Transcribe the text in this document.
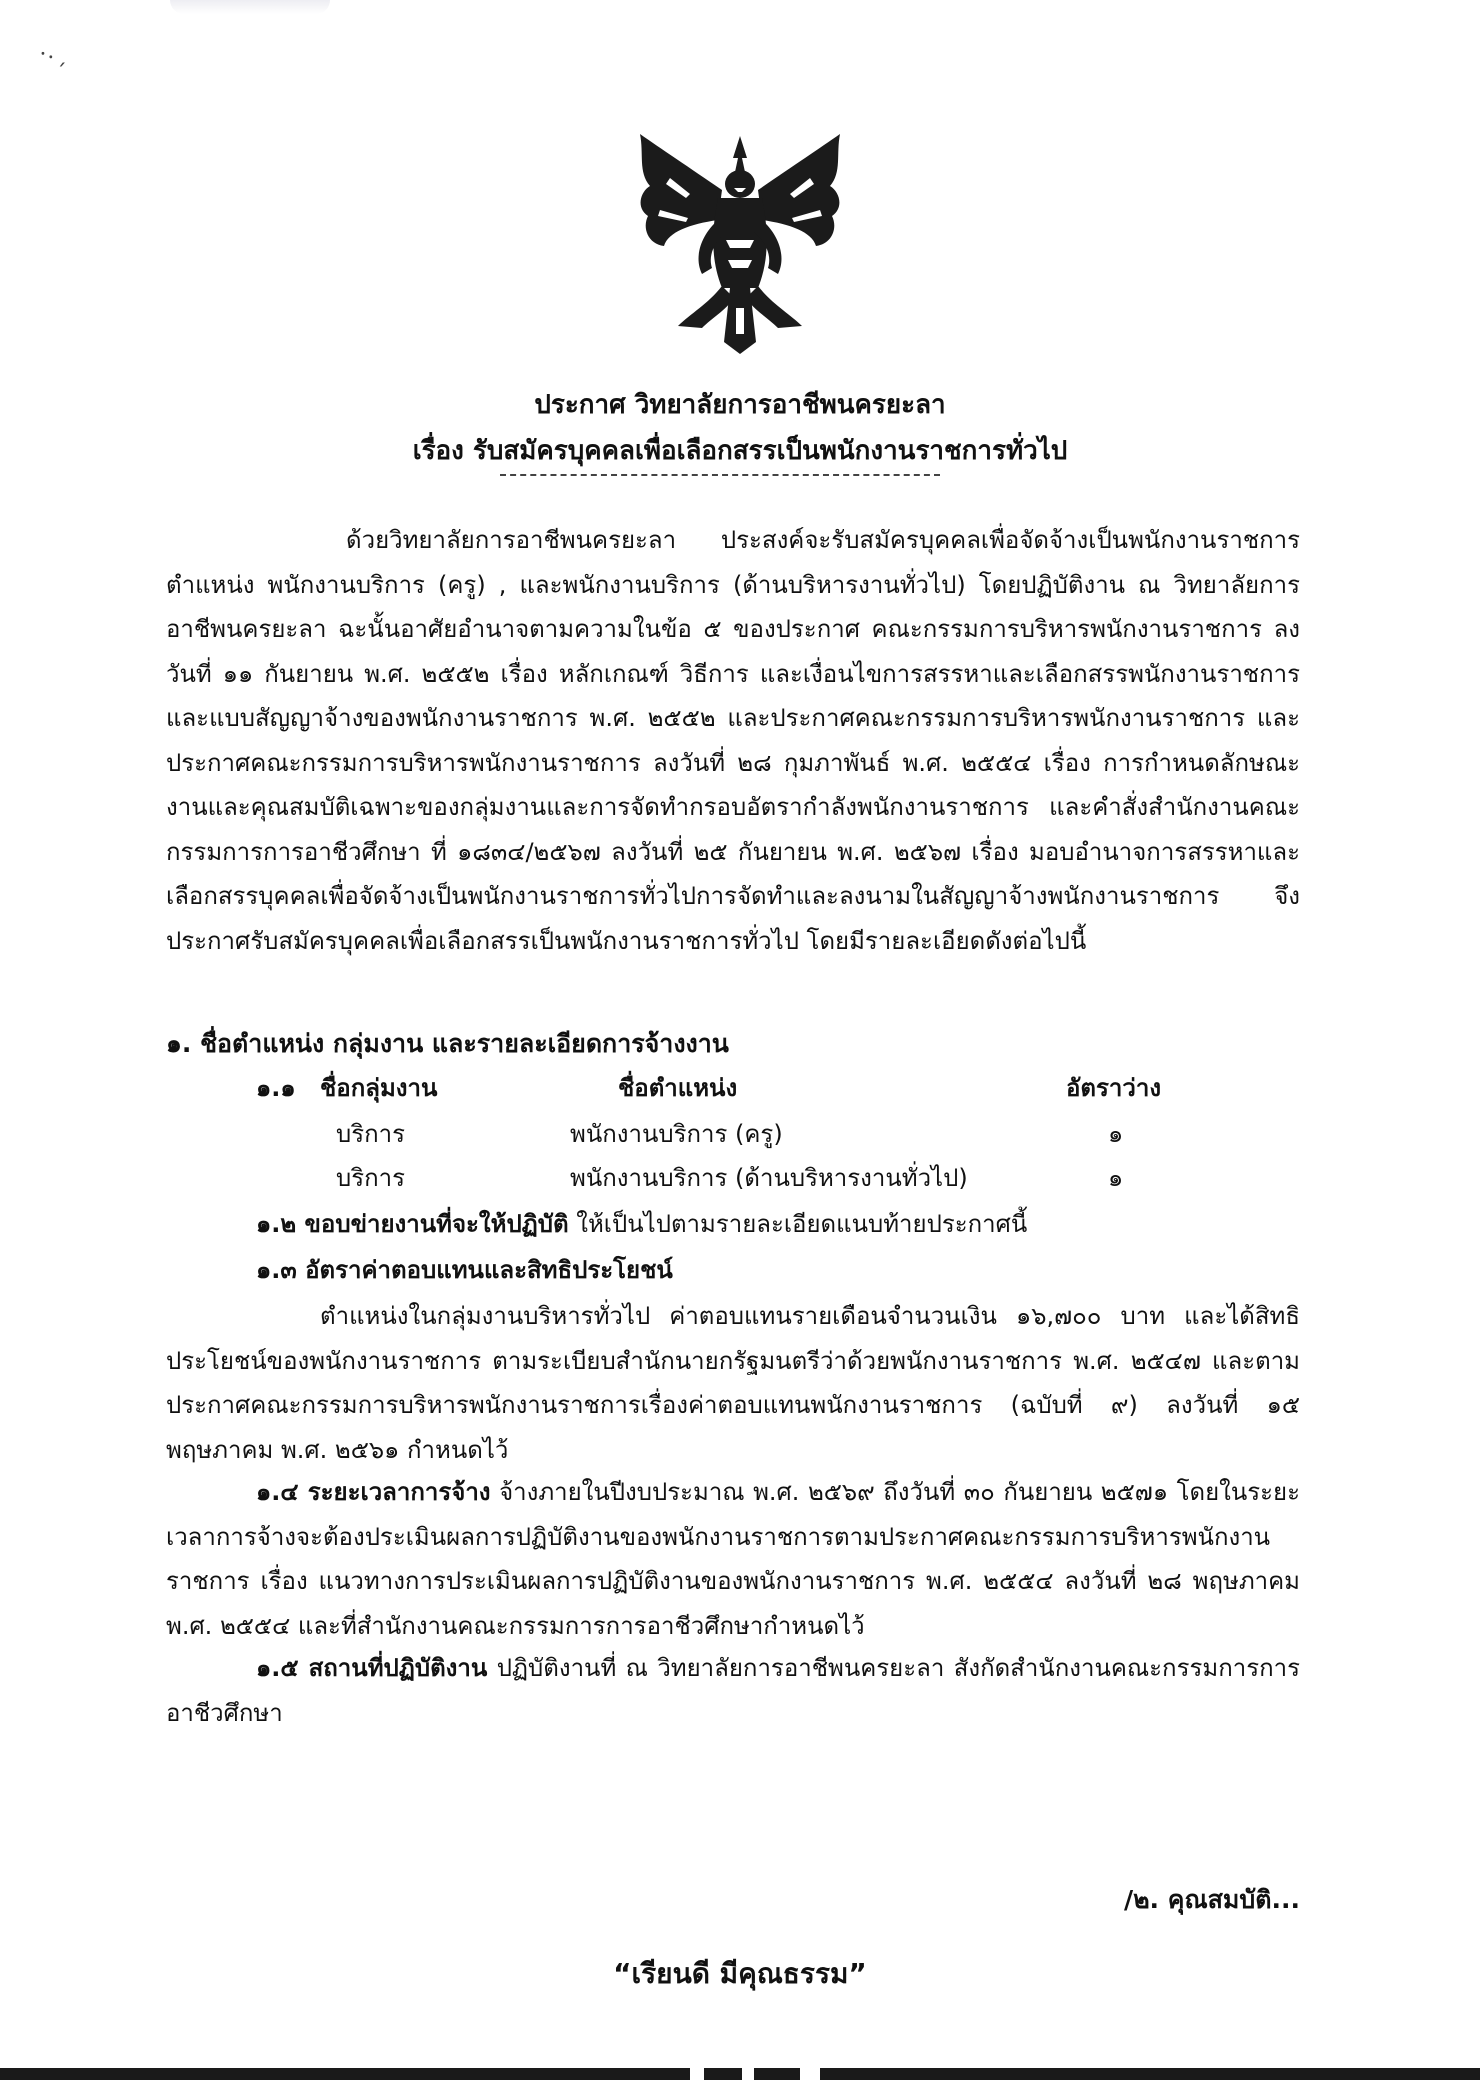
⸱⸳ˏ
ประกาศ วิทยาลัยการอาชีพนครยะลา
เรื่อง รับสมัครบุคคลเพื่อเลือกสรรเป็นพนักงานราชการทั่วไป
ด้วยวิทยาลัยการอาชีพนครยะลา ประสงค์จะรับสมัครบุคคลเพื่อจัดจ้างเป็นพนักงานราชการตำแหน่ง พนักงานบริการ (ครู) , และพนักงานบริการ (ด้านบริหารงานทั่วไป) โดยปฏิบัติงาน ณ วิทยาลัยการอาชีพนครยะลา ฉะนั้นอาศัยอำนาจตามความในข้อ ๕ ของประกาศ คณะกรรมการบริหารพนักงานราชการ ลงวันที่ ๑๑ กันยายน พ.ศ. ๒๕๕๒ เรื่อง หลักเกณฑ์ วิธีการ และเงื่อนไขการสรรหาและเลือกสรรพนักงานราชการและแบบสัญญาจ้างของพนักงานราชการ พ.ศ. ๒๕๕๒ และประกาศคณะกรรมการบริหารพนักงานราชการ และประกาศคณะกรรมการบริหารพนักงานราชการ ลงวันที่ ๒๘ กุมภาพันธ์ พ.ศ. ๒๕๕๔ เรื่อง การกำหนดลักษณะงานและคุณสมบัติเฉพาะของกลุ่มงานและการจัดทำกรอบอัตรากำลังพนักงานราชการ และคำสั่งสำนักงานคณะกรรมการการอาชีวศึกษา ที่ ๑๘๓๔/๒๕๖๗ ลงวันที่ ๒๕ กันยายน พ.ศ. ๒๕๖๗ เรื่อง มอบอำนาจการสรรหาและเลือกสรรบุคคลเพื่อจัดจ้างเป็นพนักงานราชการทั่วไปการจัดทำและลงนามในสัญญาจ้างพนักงานราชการ จึงประกาศรับสมัครบุคคลเพื่อเลือกสรรเป็นพนักงานราชการทั่วไป โดยมีรายละเอียดดังต่อไปนี้
๑. ชื่อตำแหน่ง กลุ่มงาน และรายละเอียดการจ้างงาน
๑.๑ ชื่อกลุ่มงาน	ชื่อตำแหน่ง	อัตราว่าง
บริการ	พนักงานบริการ (ครู)	๑
บริการ	พนักงานบริการ (ด้านบริหารงานทั่วไป)	๑
๑.๒ ขอบข่ายงานที่จะให้ปฏิบัติ ให้เป็นไปตามรายละเอียดแนบท้ายประกาศนี้
๑.๓ อัตราค่าตอบแทนและสิทธิประโยชน์
ตำแหน่งในกลุ่มงานบริหารทั่วไป ค่าตอบแทนรายเดือนจำนวนเงิน ๑๖,๗๐๐ บาท และได้สิทธิประโยชน์ของพนักงานราชการ ตามระเบียบสำนักนายกรัฐมนตรีว่าด้วยพนักงานราชการ พ.ศ. ๒๕๔๗ และตามประกาศคณะกรรมการบริหารพนักงานราชการเรื่องค่าตอบแทนพนักงานราชการ (ฉบับที่ ๙) ลงวันที่ ๑๕ พฤษภาคม พ.ศ. ๒๕๖๑ กำหนดไว้
๑.๔ ระยะเวลาการจ้าง จ้างภายในปีงบประมาณ พ.ศ. ๒๕๖๙ ถึงวันที่ ๓๐ กันยายน ๒๕๗๑ โดยในระยะเวลาการจ้างจะต้องประเมินผลการปฏิบัติงานของพนักงานราชการตามประกาศคณะกรรมการบริหารพนักงานราชการ เรื่อง แนวทางการประเมินผลการปฏิบัติงานของพนักงานราชการ พ.ศ. ๒๕๕๔ ลงวันที่ ๒๘ พฤษภาคม พ.ศ. ๒๕๕๔ และที่สำนักงานคณะกรรมการการอาชีวศึกษากำหนดไว้
๑.๕ สถานที่ปฏิบัติงาน ปฏิบัติงานที่ ณ วิทยาลัยการอาชีพนครยะลา สังกัดสำนักงานคณะกรรมการการอาชีวศึกษา
/๒. คุณสมบัติ...
“เรียนดี มีคุณธรรม”
